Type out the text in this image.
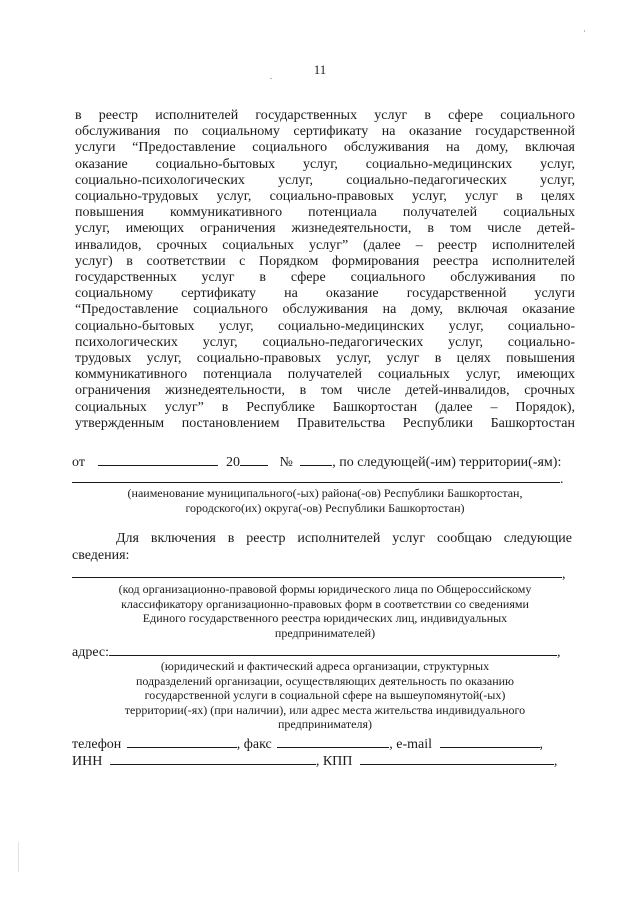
11
.
в реестр исполнителей государственных услуг в сфере социального
обслуживания по социальному сертификату на оказание государственной
услуги “Предоставление социального обслуживания на дому, включая
оказание социально-бытовых услуг, социально-медицинских услуг,
социально-психологических услуг, социально-педагогических услуг,
социально-трудовых услуг, социально-правовых услуг, услуг в целях
повышения коммуникативного потенциала получателей социальных
услуг, имеющих ограничения жизнедеятельности, в том числе детей-
инвалидов, срочных социальных услуг” (далее – реестр исполнителей
услуг) в соответствии с Порядком формирования реестра исполнителей
государственных услуг в сфере социального обслуживания по
социальному сертификату на оказание государственной услуги
“Предоставление социального обслуживания на дому, включая оказание
социально-бытовых услуг, социально-медицинских услуг, социально-
психологических услуг, социально-педагогических услуг, социально-
трудовых услуг, социально-правовых услуг, услуг в целях повышения
коммуникативного потенциала получателей социальных услуг, имеющих
ограничения жизнедеятельности, в том числе детей-инвалидов, срочных
социальных услуг” в Республике Башкортостан (далее – Порядок),
утвержденным постановлением Правительства Республики Башкортостан
от	20	№	, по следующей(-им) территории(-ям):
.
(наименование муниципального(-ых) района(-ов) Республики Башкортостан,
городского(их) округа(-ов) Республики Башкортостан)
Для включения в реестр исполнителей услуг сообщаю следующие
сведения:
,
(код организационно-правовой формы юридического лица по Общероссийскому
классификатору организационно-правовых форм в соответствии со сведениями
Единого государственного реестра юридических лиц, индивидуальных
предпринимателей)
адрес:	,
(юридический и фактический адреса организации, структурных
подразделений организации, осуществляющих деятельность по оказанию
государственной услуги в социальной сфере на вышеупомянутой(-ых)
территории(-ях) (при наличии), или адрес места жительства индивидуального
предпринимателя)
телефон	, факс	, e-mail	,
ИНН	, КПП	,
